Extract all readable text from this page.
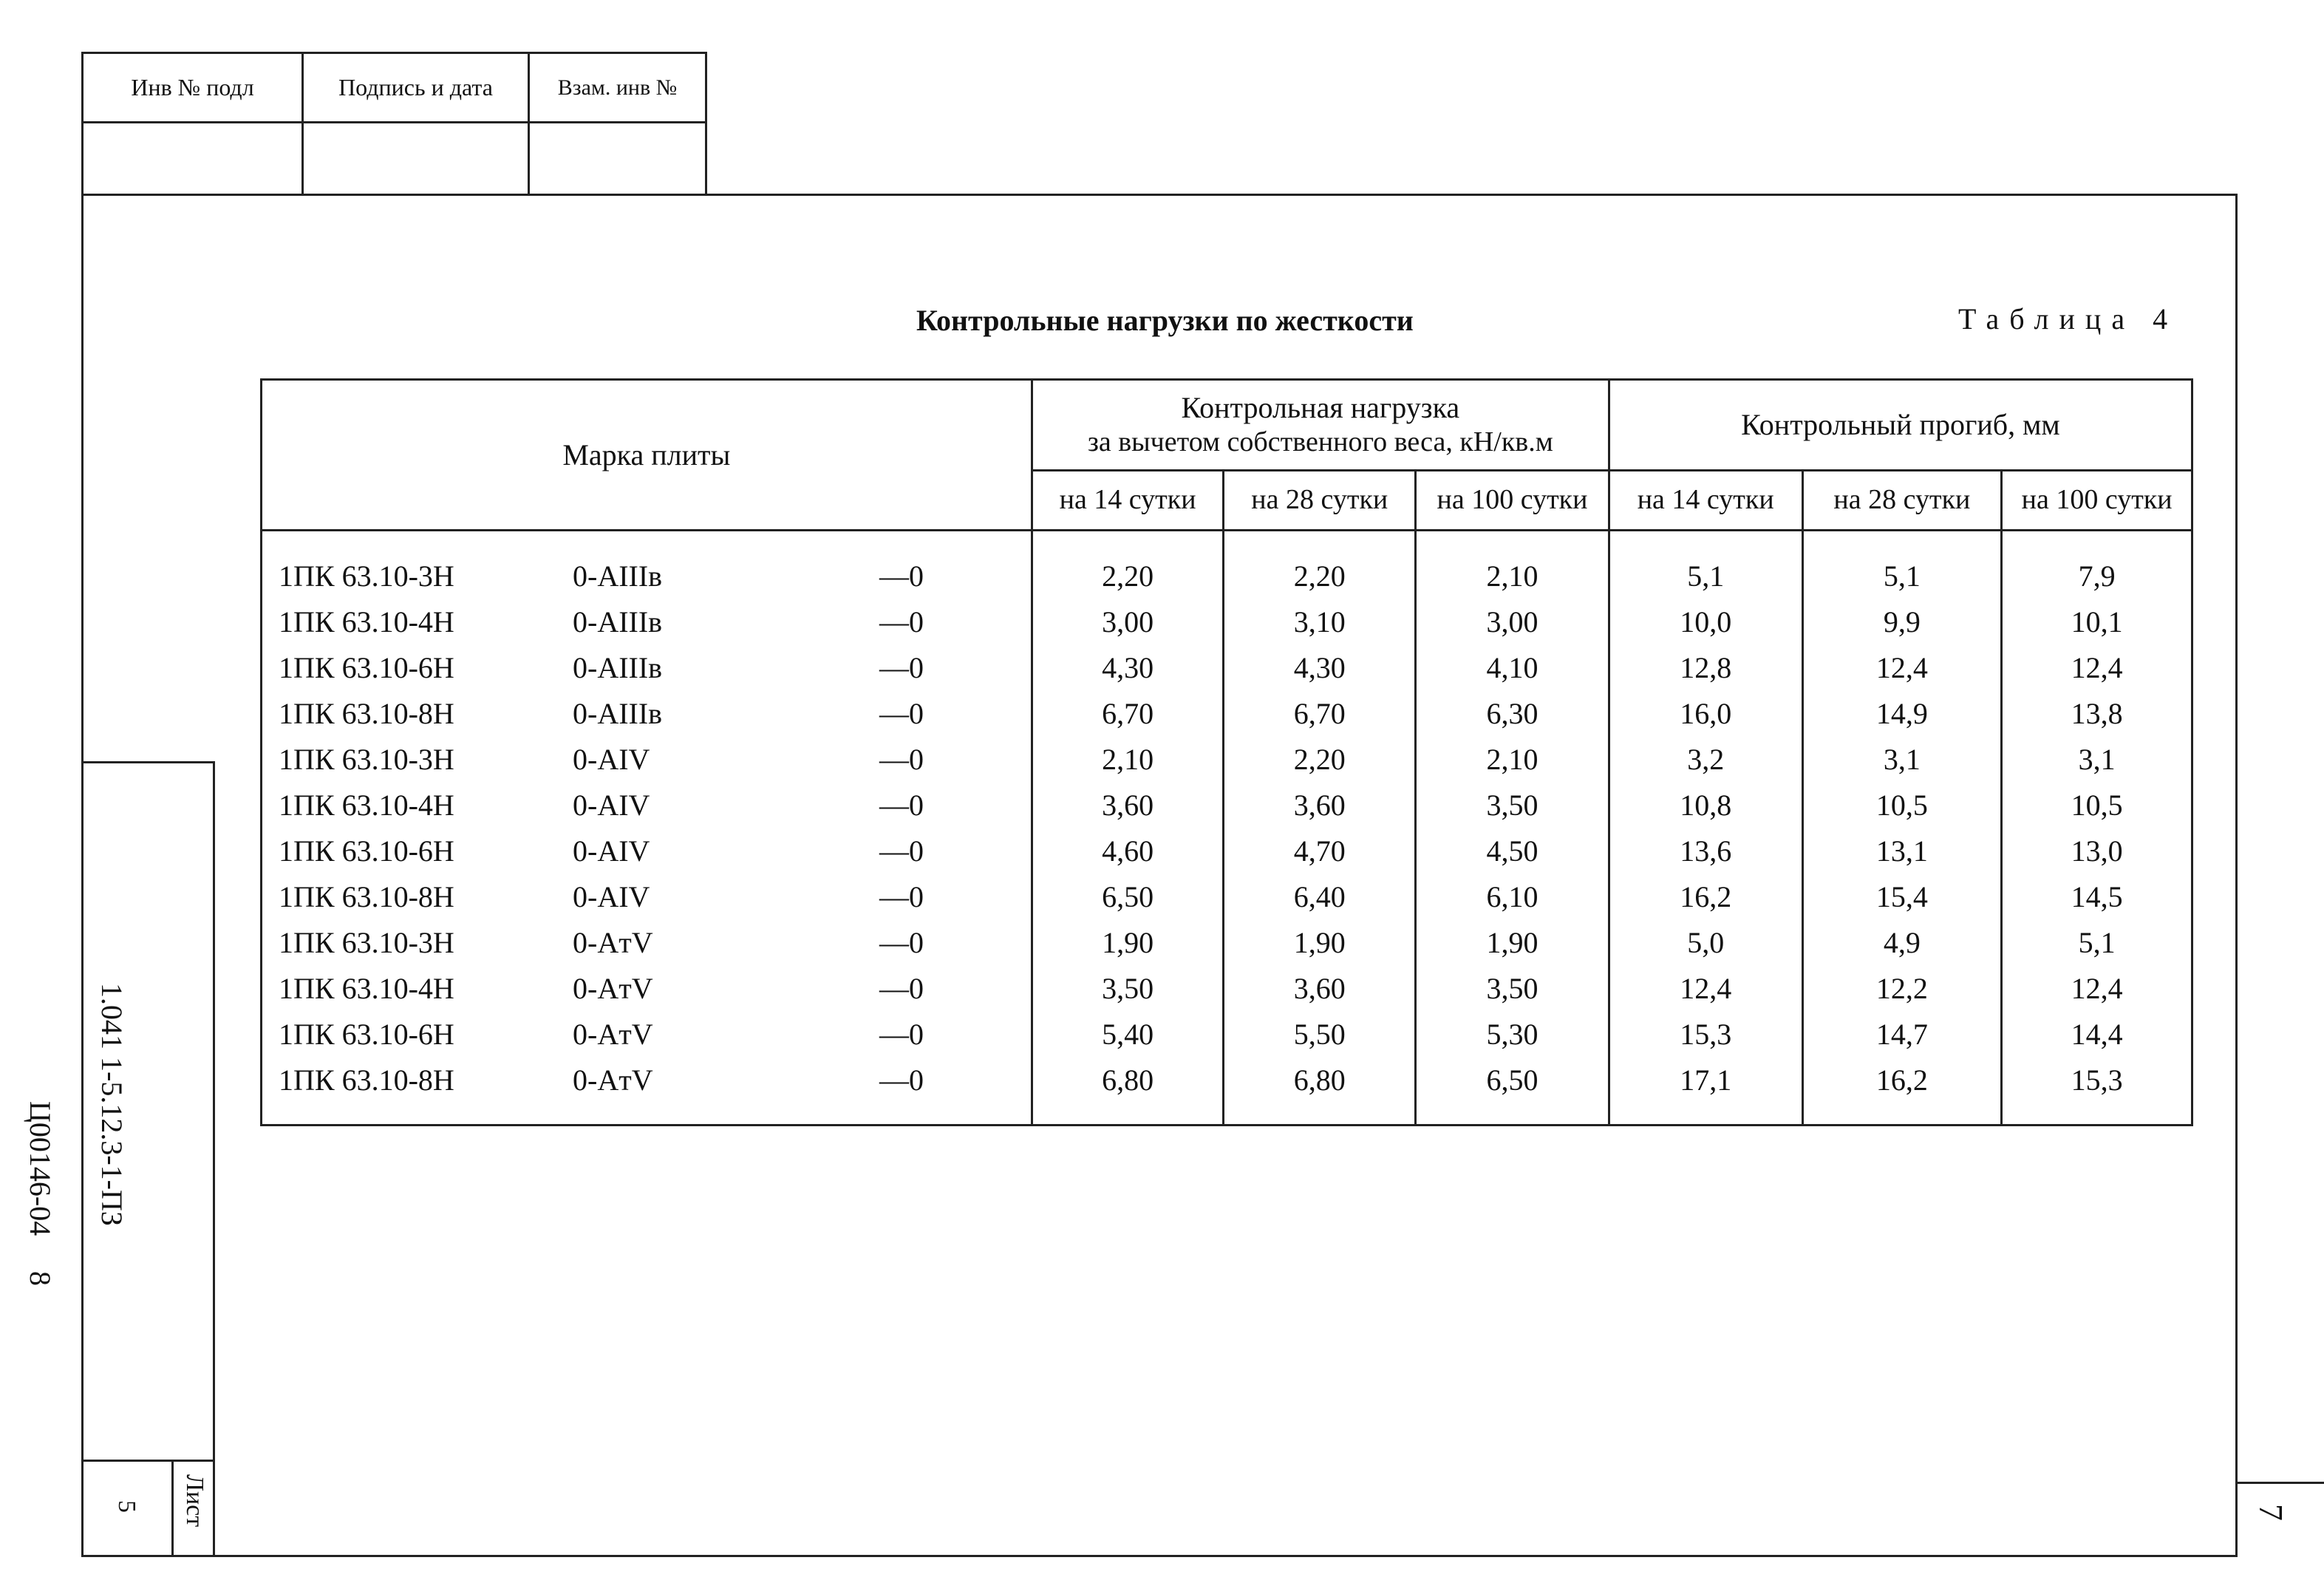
Инв № подл	Подпись и дата	Взам. инв №
Контрольные нагрузки по жесткости	Таблица 4
Марка плиты	Контрольная нагрузка
за вычетом собственного веса, кН/кв.м			Контрольный прогиб, мм		
	на 14 сутки	на 28 сутки	на 100 сутки	на 14 сутки	на 28 сутки	на 100 сутки

1ПК 63.10-3Н 0-AIIIв —0	2,20	2,20	2,10	5,1	5,1	7,9

1ПК 63.10-4Н 0-AIIIв —0	3,00	3,10	3,00	10,0	9,9	10,1

1ПК 63.10-6Н 0-AIIIв —0	4,30	4,30	4,10	12,8	12,4	12,4

1ПК 63.10-8Н 0-AIIIв —0	6,70	6,70	6,30	16,0	14,9	13,8

1ПК 63.10-3Н 0-AIV —0	2,10	2,20	2,10	3,2	3,1	3,1

1ПК 63.10-4Н 0-AIV —0	3,60	3,60	3,50	10,8	10,5	10,5

1ПК 63.10-6Н 0-AIV —0	4,60	4,70	4,50	13,6	13,1	13,0

1ПК 63.10-8Н 0-AIV —0	6,50	6,40	6,10	16,2	15,4	14,5

1ПК 63.10-3Н 0-AтV —0	1,90	1,90	1,90	5,0	4,9	5,1

1ПК 63.10-4Н 0-AтV —0	3,50	3,60	3,50	12,4	12,2	12,4

1ПК 63.10-6Н 0-AтV —0	5,40	5,50	5,30	15,3	14,7	14,4

1ПК 63.10-8Н 0-AтV —0	6,80	6,80	6,50	17,1	16,2	15,3
1.041 1-5.12.3-1-ПЗ
Ц00146-04
8
Лист
5	7
